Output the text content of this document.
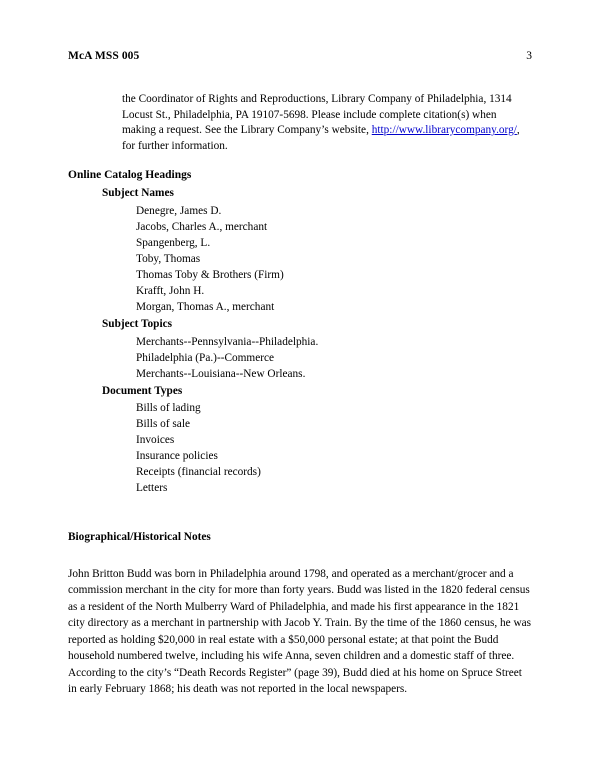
McA MSS 005	3

the Coordinator of Rights and Reproductions, Library Company of Philadelphia, 1314 Locust St., Philadelphia, PA 19107-5698. Please include complete citation(s) when making a request. See the Library Company’s website, http://www.librarycompany.org/, for further information.

Online Catalog Headings
Subject Names
Denegre, James D.
Jacobs, Charles A., merchant
Spangenberg, L.
Toby, Thomas
Thomas Toby & Brothers (Firm)
Krafft, John H.
Morgan, Thomas A., merchant
Subject Topics
Merchants--Pennsylvania--Philadelphia.
Philadelphia (Pa.)--Commerce
Merchants--Louisiana--New Orleans.
Document Types
Bills of lading
Bills of sale
Invoices
Insurance policies
Receipts (financial records)
Letters
Biographical/Historical Notes

John Britton Budd was born in Philadelphia around 1798, and operated as a merchant/grocer and a commission merchant in the city for more than forty years. Budd was listed in the 1820 federal census as a resident of the North Mulberry Ward of Philadelphia, and made his first appearance in the 1821 city directory as a merchant in partnership with Jacob Y. Train. By the time of the 1860 census, he was reported as holding $20,000 in real estate with a $50,000 personal estate; at that point the Budd household numbered twelve, including his wife Anna, seven children and a domestic staff of three. According to the city’s “Death Records Register” (page 39), Budd died at his home on Spruce Street in early February 1868; his death was not reported in the local newspapers.
